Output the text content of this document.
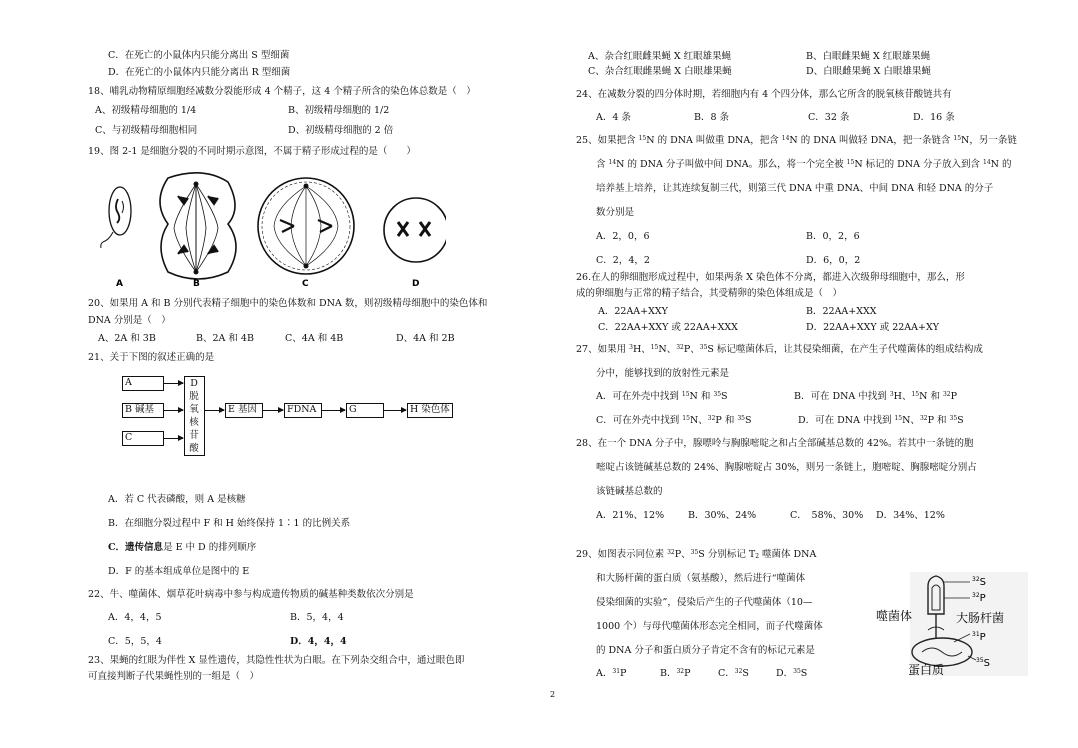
C．在死亡的小鼠体内只能分离出 S 型细菌
D．在死亡的小鼠体内只能分离出 R 型细菌
18、哺乳动物精原细胞经减数分裂能形成 4 个精子，这 4 个精子所含的染色体总数是（　）
A、初级精母细胞的 1/4	B、初级精母细胞的 1/2
C、与初级精母细胞相同	D、初级精母细胞的 2 倍
19、图 2-1 是细胞分裂的不同时期示意图，不属于精子形成过程的是（　　）
A	B	C	D
20、如果用 A 和 B 分别代表精子细胞中的染色体数和 DNA 数，则初级精母细胞中的染色体和
DNA 分别是（　）
A、2A 和 3B	B、2A 和 4B	C、4A 和 4B	D、4A 和 2B
21、关于下图的叙述正确的是
A
B 碱基
C
D
脱
氧
核
苷
酸
E 基因	FDNA	G	H 染色体
A．若 C 代表磷酸，则 A 是核糖
B．在细胞分裂过程中 F 和 H 始终保持 1∶1 的比例关系
C．遗传信息是 E 中 D 的排列顺序
D．F 的基本组成单位是图中的 E
22、牛、噬菌体、烟草花叶病毒中参与构成遗传物质的碱基种类数依次分别是
A．4，4，5	B．5，4，4
C．5，5，4	D．4，4，4
23、果蝇的红眼为伴性 X 显性遗传，其隐性性状为白眼。在下列杂交组合中，通过眼色即
可直接判断子代果蝇性别的一组是（　）
2
A、杂合红眼雌果蝇 X 红眼雄果蝇	B、白眼雌果蝇 X 红眼雄果蝇
C、杂合红眼雌果蝇 X 白眼雄果蝇	D、白眼雌果蝇 X 白眼雄果蝇
24、在减数分裂的四分体时期，若细胞内有 4 个四分体，那么它所含的脱氧核苷酸链共有
A．4 条	B．8 条	C．32 条	D．16 条
25、如果把含 $^{15}$N 的 DNA 叫做重 DNA，把含 $^{14}$N 的 DNA 叫做轻 DNA，把一条链含 $^{15}$N，另一条链
含 $^{14}$N 的 DNA 分子叫做中间 DNA。那么，将一个完全被 $^{15}$N 标记的 DNA 分子放入到含 $^{14}$N 的
培养基上培养，让其连续复制三代，则第三代 DNA 中重 DNA、中间 DNA 和轻 DNA 的分子
数分别是
A．2，0，6	B．0，2，6
C．2，4，2	D．6，0，2
26.在人的卵细胞形成过程中，如果两条 X 染色体不分离，都进入次级卵母细胞中，那么，形
成的卵细胞与正常的精子结合，其受精卵的染色体组成是（　）
A．22AA+XXY	B．22AA+XXX
C．22AA+XXY 或 22AA+XXX	D．22AA+XXY 或 22AA+XY
27、如果用 $^3$H、$^{15}$N、$^{32}$P、$^{35}$S 标记噬菌体后，让其侵染细菌，在产生子代噬菌体的组成结构成
分中，能够找到的放射性元素是
A．可在外壳中找到 $^{15}$N 和 $^{35}$S	B．可在 DNA 中找到 $^3$H、$^{15}$N 和 $^{32}$P
C．可在外壳中找到 $^{15}$N、$^{32}$P 和 $^{35}$S	D．可在 DNA 中找到 $^{15}$N、$^{32}$P 和 $^{35}$S
28、在一个 DNA 分子中，腺嘌呤与胸腺嘧啶之和占全部碱基总数的 42%。若其中一条链的胞
嘧啶占该链碱基总数的 24%、胸腺嘧啶占 30%，则另一条链上，胞嘧啶、胸腺嘧啶分别占
该链碱基总数的
A．21%、12%	B．30%、24%	C．　58%、30% D．34%、12%
29、如图表示同位素 $^{32}$P、$^{35}$S 分别标记 $T_2$ 噬菌体 DNA
和大肠杆菌的蛋白质（氨基酸），然后进行“噬菌体
侵染细菌的实验”，侵染后产生的子代噬菌体（10—
1000 个）与母代噬菌体形态完全相同，而子代噬菌体
的 DNA 分子和蛋白质分子肯定不含有的标记元素是
A．$^{31}$P	B．$^{32}$P	C．$^{32}$S	D．$^{35}$S
噬菌体	大肠杆菌
蛋白质
$^{32}$S
$^{32}$P
$^{31}$P
$^{35}$S
